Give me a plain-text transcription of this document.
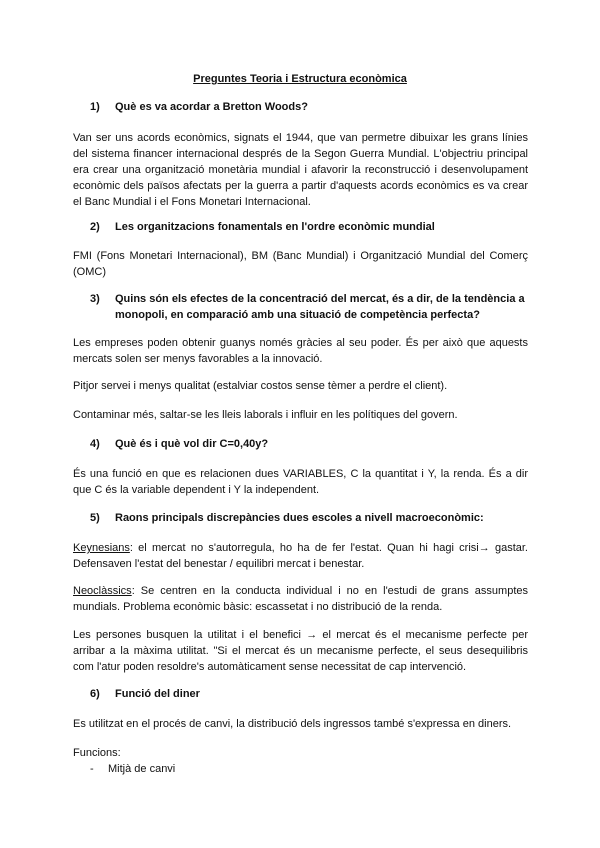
Preguntes Teoria i Estructura econòmica
1) Què es va acordar a Bretton Woods?

Van ser uns acords econòmics, signats el 1944, que van permetre dibuixar les grans línies del sistema financer internacional després de la Segon Guerra Mundial. L'objectriu principal era crear una organització monetària mundial i afavorir la reconstrucció i desenvolupament econòmic dels països afectats per la guerra a partir d'aquests acords econòmics es va crear el Banc Mundial i el Fons Monetari Internacional.

2) Les organitzacions fonamentals en l'ordre econòmic mundial

FMI (Fons Monetari Internacional), BM (Banc Mundial) i Organització Mundial del Comerç (OMC)

3) Quins són els efectes de la concentració del mercat, és a dir, de la tendència a
monopoli, en comparació amb una situació de competència perfecta?

Les empreses poden obtenir guanys només gràcies al seu poder. És per això que aquests mercats solen ser menys favorables a la innovació.

Pitjor servei i menys qualitat (estalviar costos sense tèmer a perdre el client).

Contaminar més, saltar-se les lleis laborals i influir en les polítiques del govern.

4) Què és i què vol dir C=0,40y?

És una funció en que es relacionen dues VARIABLES, C la quantitat i Y, la renda. És a dir que C és la variable dependent i Y la independent.

5) Raons principals discrepàncies dues escoles a nivell macroeconòmic:

Keynesians: el mercat no s'autorregula, ho ha de fer l'estat. Quan hi hagi crisi→ gastar. Defensaven l'estat del benestar / equilibri mercat i benestar.

Neoclàssics: Se centren en la conducta individual i no en l'estudi de grans assumptes mundials. Problema econòmic bàsic: escassetat i no distribució de la renda.

Les persones busquen la utilitat i el benefici → el mercat és el mecanisme perfecte per arribar a la màxima utilitat. "Si el mercat és un mecanisme perfecte, el seus desequilibris com l'atur poden resoldre's automàticament sense necessitat de cap intervenció.

6) Funció del diner

Es utilitzat en el procés de canvi, la distribució dels ingressos també s'expressa en diners.

Funcions:

- Mitjà de canvi
